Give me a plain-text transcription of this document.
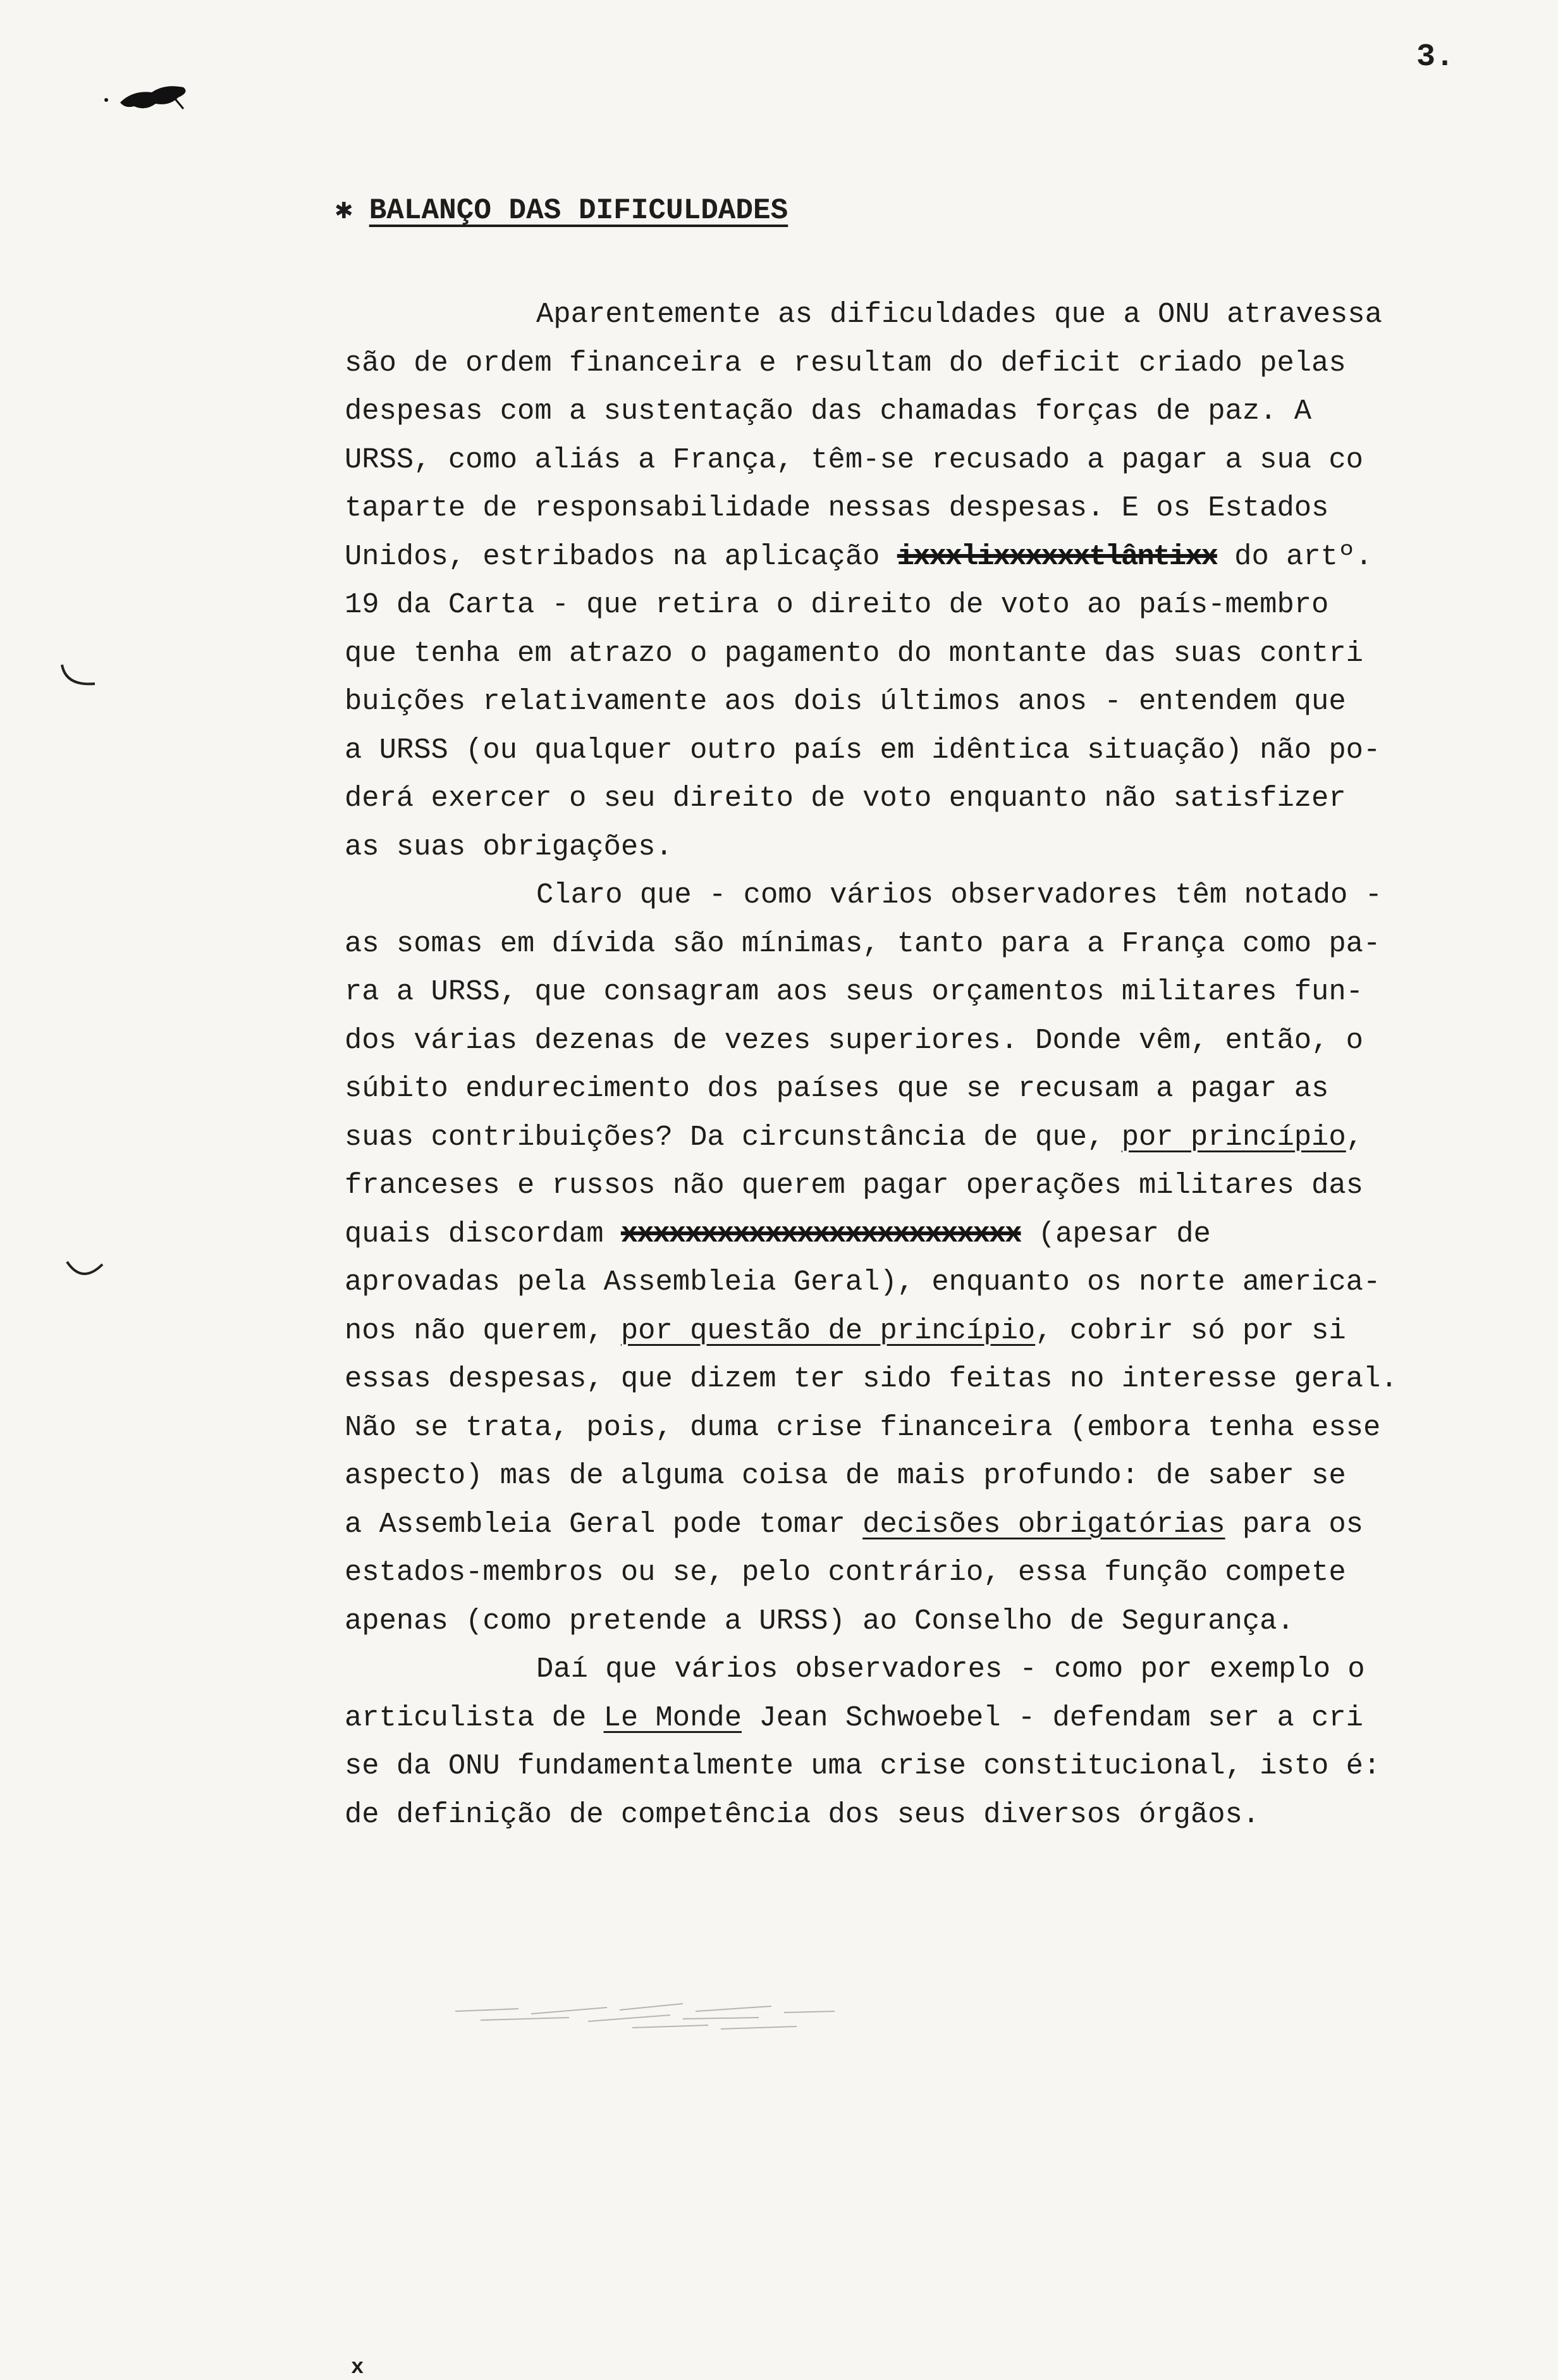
3.
✱ BALANÇO DAS DIFICULDADES
Aparentemente as dificuldades que a ONU atravessa
são de ordem financeira e resultam do deficit criado pelas
despesas com a sustentação das chamadas forças de paz. A
URSS, como aliás a França, têm-se recusado a pagar a sua co
taparte de responsabilidade nessas despesas. E os Estados
Unidos, estribados na aplicação ixxxlixxxxxxtlântixx do artº.
19 da Carta - que retira o direito de voto ao país-membro
que tenha em atrazo o pagamento do montante das suas contri
buições relativamente aos dois últimos anos - entendem que
a URSS (ou qualquer outro país em idêntica situação) não po-
derá exercer o seu direito de voto enquanto não satisfizer
as suas obrigações.
Claro que - como vários observadores têm notado -
as somas em dívida são mínimas, tanto para a França como pa-
ra a URSS, que consagram aos seus orçamentos militares fun-
dos várias dezenas de vezes superiores. Donde vêm, então, o
súbito endurecimento dos países que se recusam a pagar as
suas contribuições? Da circunstância de que, por princípio,
franceses e russos não querem pagar operações militares das
quais discordam xxxxxxxxxxxxxxxxxxxxxxxxx (apesar de
aprovadas pela Assembleia Geral), enquanto os norte america-
nos não querem, por questão de princípio, cobrir só por si
essas despesas, que dizem ter sido feitas no interesse geral.
Não se trata, pois, duma crise financeira (embora tenha esse
aspecto) mas de alguma coisa de mais profundo: de saber se
a Assembleia Geral pode tomar decisões obrigatórias para os
estados-membros ou se, pelo contrário, essa função compete
apenas (como pretende a URSS) ao Conselho de Segurança.
Daí que vários observadores - como por exemplo o
articulista de Le Monde Jean Schwoebel - defendam ser a cri
se da ONU fundamentalmente uma crise constitucional, isto é:
de definição de competência dos seus diversos órgãos.
x
